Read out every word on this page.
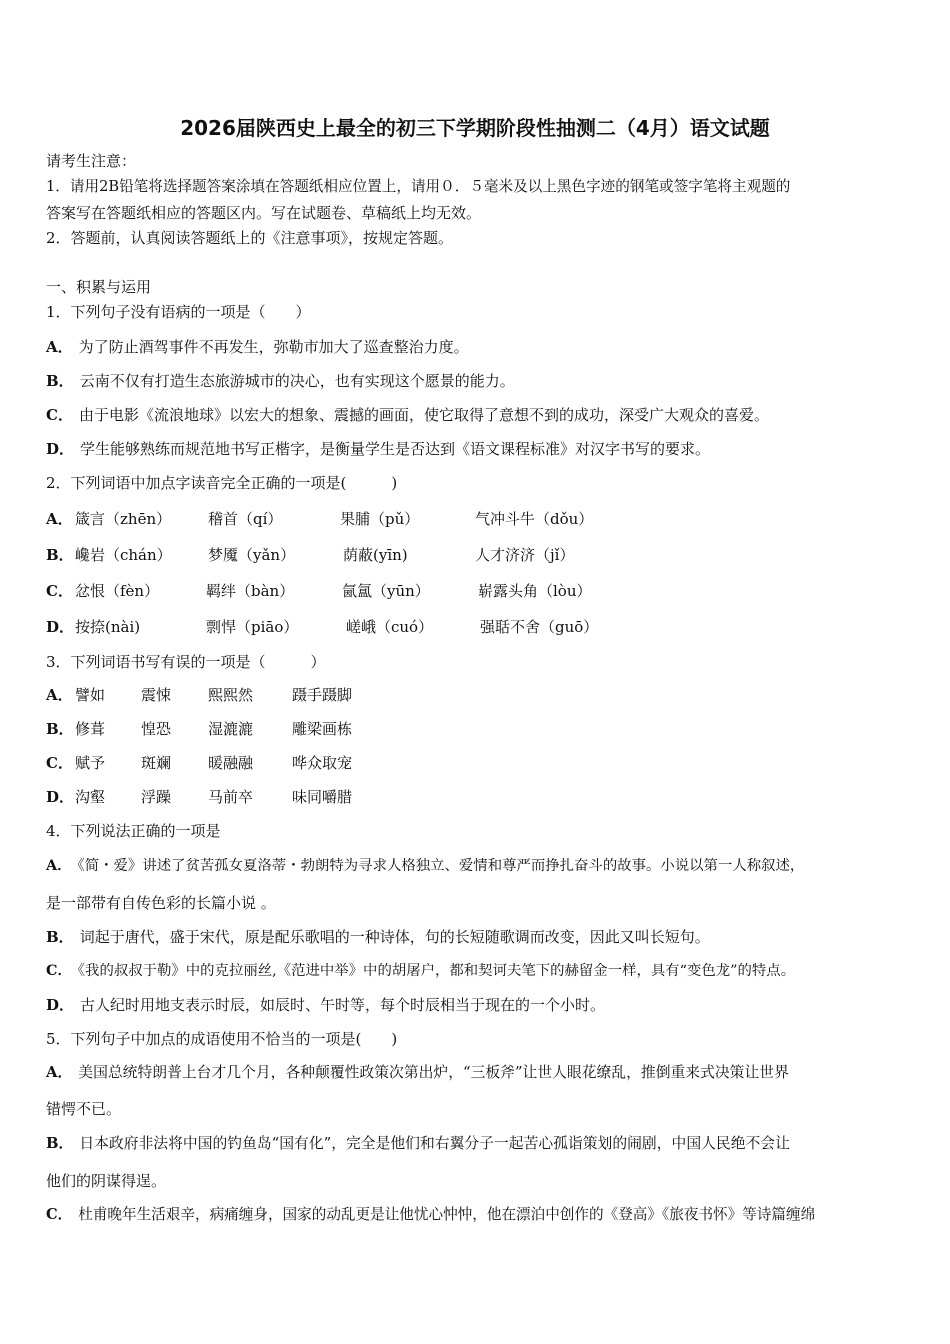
2026届陕西史上最全的初三下学期阶段性抽测二（4月）语文试题
请考生注意：
1．请用2B铅笔将选择题答案涂填在答题纸相应位置上，请用０．５毫米及以上黑色字迹的钢笔或签字笔将主观题的
答案写在答题纸相应的答题区内。写在试题卷、草稿纸上均无效。
2．答题前，认真阅读答题纸上的《注意事项》，按规定答题。
一、积累与运用
1．下列句子没有语病的一项是（　　）
A． 为了防止酒驾事件不再发生，弥勒市加大了巡查整治力度。
B． 云南不仅有打造生态旅游城市的决心，也有实现这个愿景的能力。
C． 由于电影《流浪地球》以宏大的想象、震撼的画面，使它取得了意想不到的成功，深受广大观众的喜爱。
D． 学生能够熟练而规范地书写正楷字，是衡量学生是否达到《语文课程标准》对汉字书写的要求。
2．下列词语中加点字读音完全正确的一项是(　　　)
A． 箴言（zhēn） 稽首（qí）	果脯（pǔ）	气冲斗牛（dǒu）
B． 巉岩（chán） 梦魇（yǎn）	荫蔽(yīn)	人才济济（jǐ）
C． 忿恨（fèn）	羁绊（bàn）	氤氲（yūn）	崭露头角（lòu）
D． 按捺(nài)	剽悍（piāo）	嵯峨（cuó）	强聒不舍（guō）
3．下列词语书写有误的一项是（　　　）
A． 譬如 震悚 熙熙然	蹑手蹑脚
B． 修葺 惶恐 湿漉漉	雕梁画栋
C． 赋予 斑斓 暖融融	哗众取宠
D． 沟壑 浮躁 马前卒	味同嚼腊
4．下列说法正确的一项是
A． 《简・爱》讲述了贫苦孤女夏洛蒂・勃朗特为寻求人格独立、爱情和尊严而挣扎奋斗的故事。小说以第一人称叙述，
是一部带有自传色彩的长篇小说 。
B． 词起于唐代，盛于宋代，原是配乐歌唱的一种诗体，句的长短随歌调而改变，因此又叫长短句。
C． 《我的叔叔于勒》中的克拉丽丝,《范进中举》中的胡屠户，都和契诃夫笔下的赫留金一样，具有“变色龙”的特点。
D． 古人纪时用地支表示时辰，如辰时、午时等，每个时辰相当于现在的一个小时。
5．下列句子中加点的成语使用不恰当的一项是(　　)
A． 美国总统特朗普上台才几个月，各种颠覆性政策次第出炉，“三板斧”让世人眼花缭乱，推倒重来式决策让世界
错愕不已。
B． 日本政府非法将中国的钓鱼岛“国有化”，完全是他们和右翼分子一起苦心孤诣策划的闹剧，中国人民绝不会让
他们的阴谋得逞。
C． 杜甫晚年生活艰辛，病痛缠身，国家的动乱更是让他忧心忡忡，他在漂泊中创作的《登高》《旅夜书怀》等诗篇缠绵
